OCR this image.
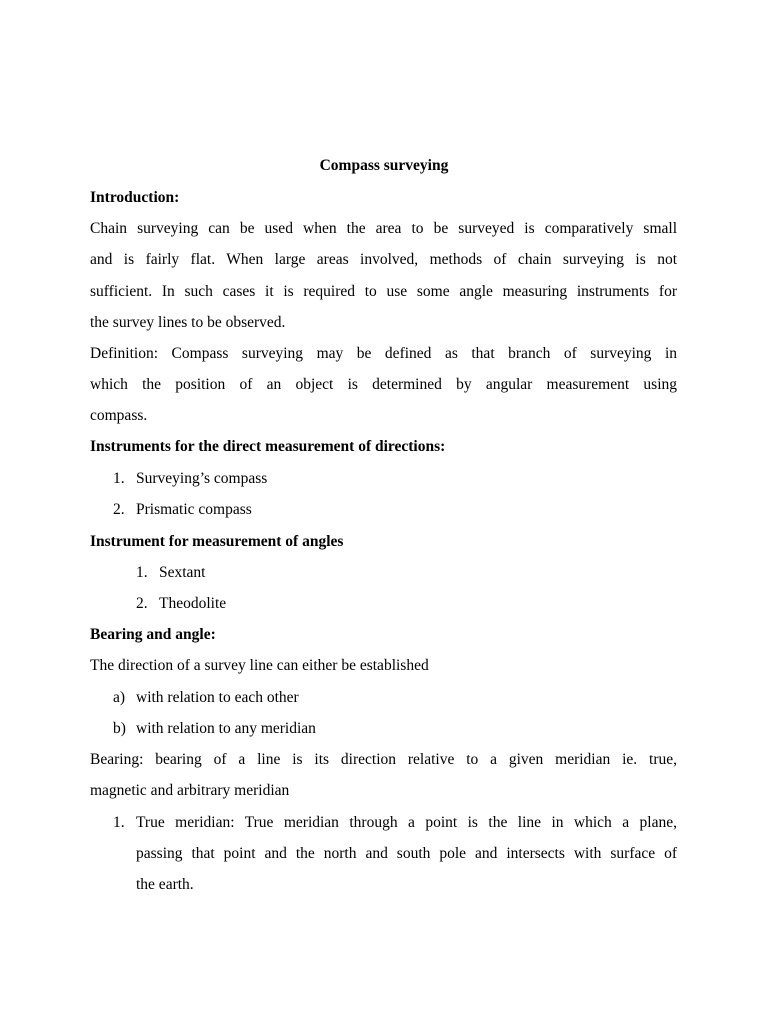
Compass surveying
Introduction:
Chain surveying can be used when the area to be surveyed is comparatively small
and is fairly flat. When large areas involved, methods of chain surveying is not
sufficient. In such cases it is required to use some angle measuring instruments for
the survey lines to be observed.
Definition: Compass surveying may be defined as that branch of surveying in
which the position of an object is determined by angular measurement using
compass.
Instruments for the direct measurement of directions:
1. Surveying’s compass
2. Prismatic compass
Instrument for measurement of angles
1. Sextant
2. Theodolite
Bearing and angle:
The direction of a survey line can either be established
a) with relation to each other
b) with relation to any meridian
Bearing: bearing of a line is its direction relative to a given meridian ie. true,
magnetic and arbitrary meridian
1. True meridian: True meridian through a point is the line in which a plane,
passing that point and the north and south pole and intersects with surface of
the earth.
